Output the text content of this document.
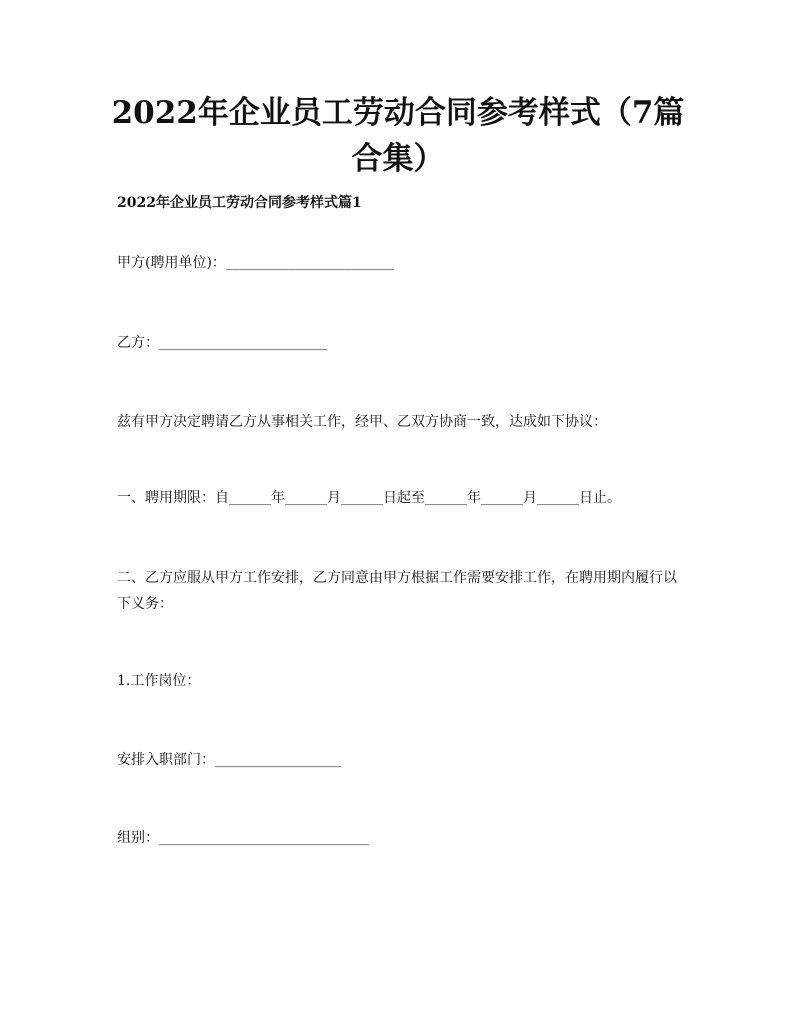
2022年企业员工劳动合同参考样式（7篇合集）

2022年企业员工劳动合同参考样式篇1

甲方(聘用单位)：________________________

乙方：________________________

兹有甲方决定聘请乙方从事相关工作，经甲、乙双方协商一致，达成如下协议：

一、聘用期限：自______年______月______日起至______年______月______日止。

二、乙方应服从甲方工作安排，乙方同意由甲方根据工作需要安排工作，在聘用期内履行以下义务：

1.工作岗位：

安排入职部门：__________________

组别：______________________________
